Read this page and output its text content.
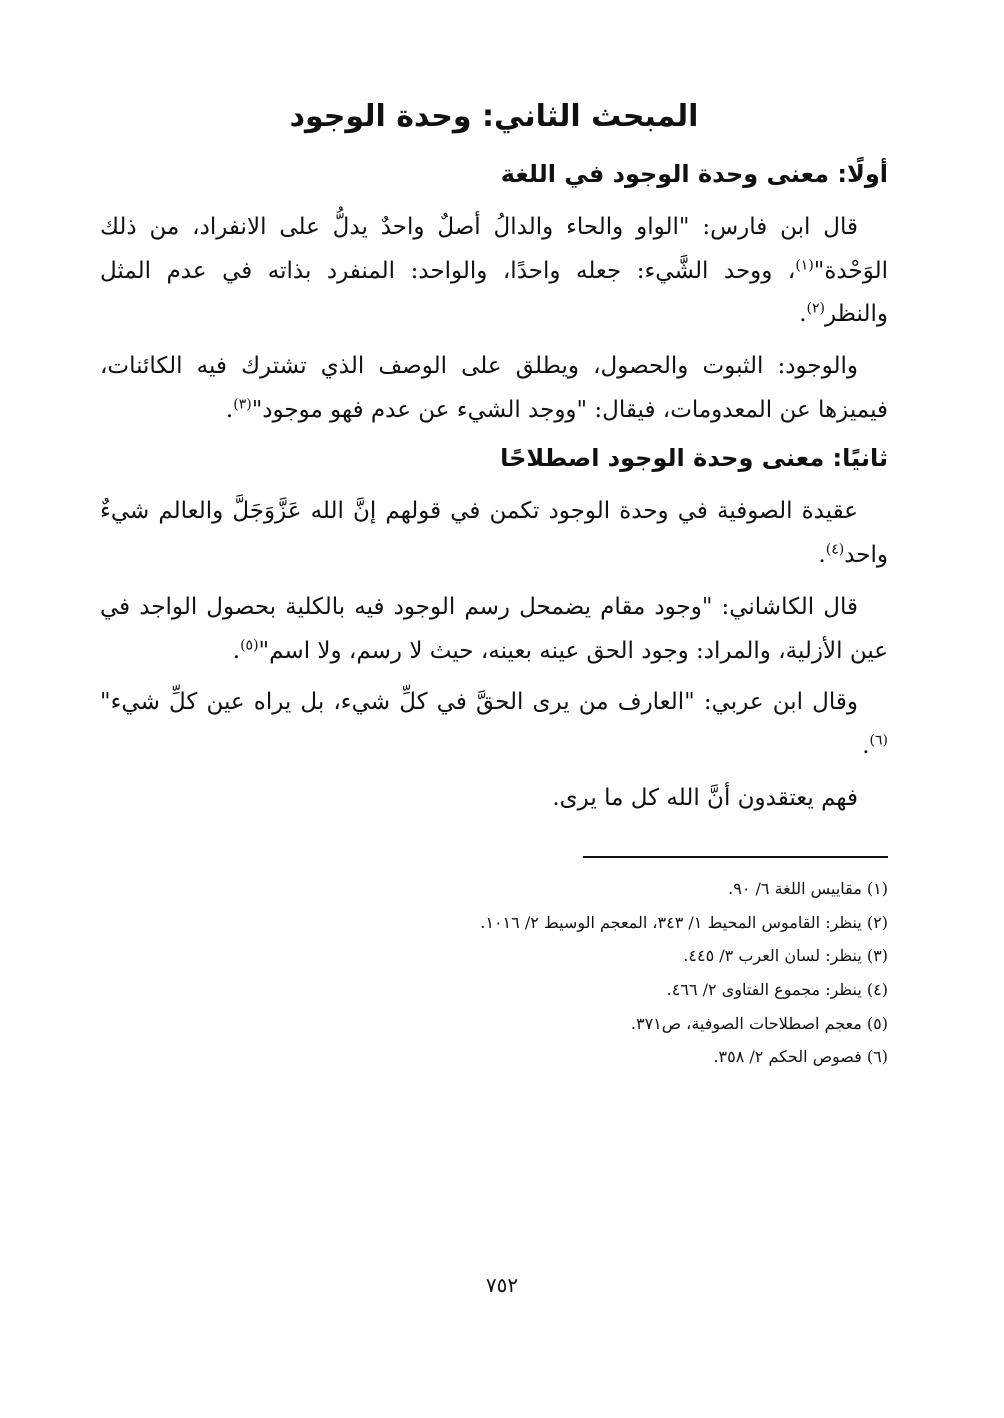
المبحث الثاني: وحدة الوجود
أولًا: معنى وحدة الوجود في اللغة

قال ابن فارس: "الواو والحاء والدالُ أصلٌ واحدٌ يدلُّ على الانفراد، من ذلك الوَحْدة"$^{(١)}$، ووحد الشَّيء: جعله واحدًا، والواحد: المنفرد بذاته في عدم المثل والنظر$^{(٢)}$.

والوجود: الثبوت والحصول، ويطلق على الوصف الذي تشترك فيه الكائنات، فيميزها عن المعدومات، فيقال: "ووجد الشيء عن عدم فهو موجود"$^{(٣)}$.

ثانيًا: معنى وحدة الوجود اصطلاحًا

عقيدة الصوفية في وحدة الوجود تكمن في قولهم إنَّ الله عَزَّوَجَلَّ والعالم شيءٌ واحد$^{(٤)}$.

قال الكاشاني: "وجود مقام يضمحل رسم الوجود فيه بالكلية بحصول الواجد في عين الأزلية، والمراد: وجود الحق عينه بعينه، حيث لا رسم، ولا اسم"$^{(٥)}$.

وقال ابن عربي: "العارف من يرى الحقَّ في كلِّ شيء، بل يراه عين كلِّ شيء"$^{(٦)}$.

فهم يعتقدون أنَّ الله كل ما يرى.

(١) مقاييس اللغة ٦/ ٩٠.
(٢) ينظر: القاموس المحيط ١/ ٣٤٣، المعجم الوسيط ٢/ ١٠١٦.
(٣) ينظر: لسان العرب ٣/ ٤٤٥.
(٤) ينظر: مجموع الفتاوى ٢/ ٤٦٦.
(٥) معجم اصطلاحات الصوفية، ص٣٧١.
(٦) فصوص الحكم ٢/ ٣٥٨.
٧٥٢
